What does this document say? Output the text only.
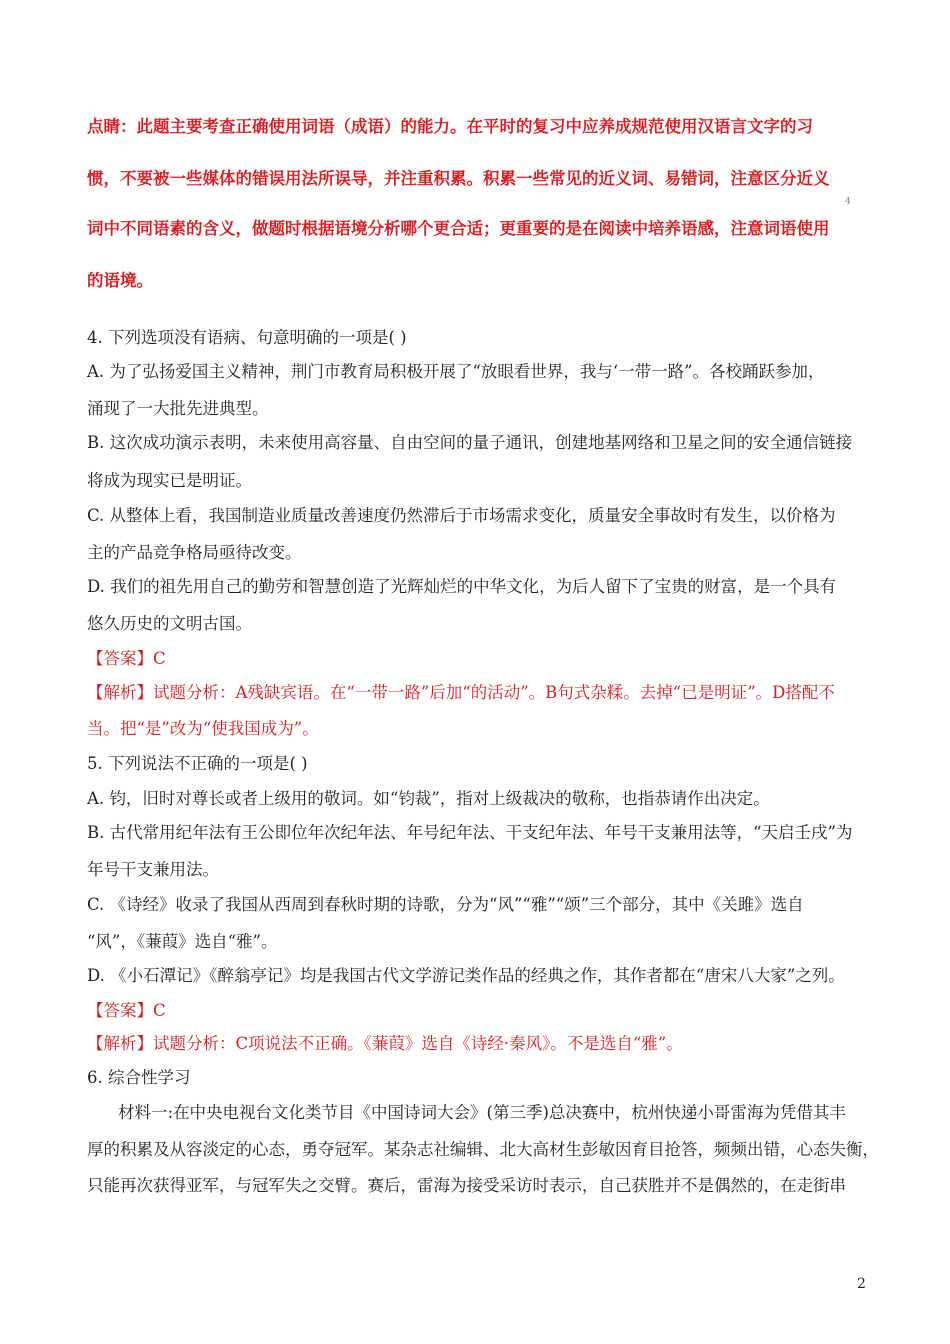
点睛：此题主要考查正确使用词语（成语）的能力。在平时的复习中应养成规范使用汉语言文字的习
惯，不要被一些媒体的错误用法所误导，并注重积累。积累一些常见的近义词、易错词，注意区分近义
词中不同语素的含义，做题时根据语境分析哪个更合适；更重要的是在阅读中培养语感，注意词语使用
的语境。
4
4. 下列选项没有语病、句意明确的一项是( )
A. 为了弘扬爱国主义精神，荆门市教育局积极开展了“放眼看世界，我与‘一带一路”。各校踊跃参加，
涌现了一大批先进典型。
B. 这次成功演示表明，未来使用高容量、自由空间的量子通讯，创建地基网络和卫星之间的安全通信链接
将成为现实已是明证。
C. 从整体上看，我国制造业质量改善速度仍然滞后于市场需求变化，质量安全事故时有发生，以价格为
主的产品竞争格局亟待改变。
D. 我们的祖先用自己的勤劳和智慧创造了光辉灿烂的中华文化，为后人留下了宝贵的财富，是一个具有
悠久历史的文明古国。
【答案】C
【解析】试题分析：A残缺宾语。在“一带一路”后加“的活动”。B句式杂糅。去掉“已是明证”。D搭配不
当。把“是”改为“使我国成为”。
5. 下列说法不正确的一项是( )
A. 钧，旧时对尊长或者上级用的敬词。如“钧裁”，指对上级裁决的敬称，也指恭请作出决定。
B. 古代常用纪年法有王公即位年次纪年法、年号纪年法、干支纪年法、年号干支兼用法等，“天启壬戌”为
年号干支兼用法。
C. 《诗经》收录了我国从西周到春秋时期的诗歌，分为“风”“雅”“颂”三个部分，其中《关雎》选自
“风”，《蒹葭》选自“雅”。
D. 《小石潭记》《醉翁亭记》均是我国古代文学游记类作品的经典之作，其作者都在“唐宋八大家”之列。
【答案】C
【解析】试题分析：C项说法不正确。《蒹葭》选自《诗经·秦风》。不是选自“雅”。
6. 综合性学习
材料一:在中央电视台文化类节目《中国诗词大会》(第三季)总决赛中，杭州快递小哥雷海为凭借其丰
厚的积累及从容淡定的心态，勇夺冠军。某杂志社编辑、北大高材生彭敏因育目抢答，频频出错，心态失衡，
只能再次获得亚军，与冠军失之交臂。赛后，雷海为接受采访时表示，自己获胜并不是偶然的，在走街串
2
